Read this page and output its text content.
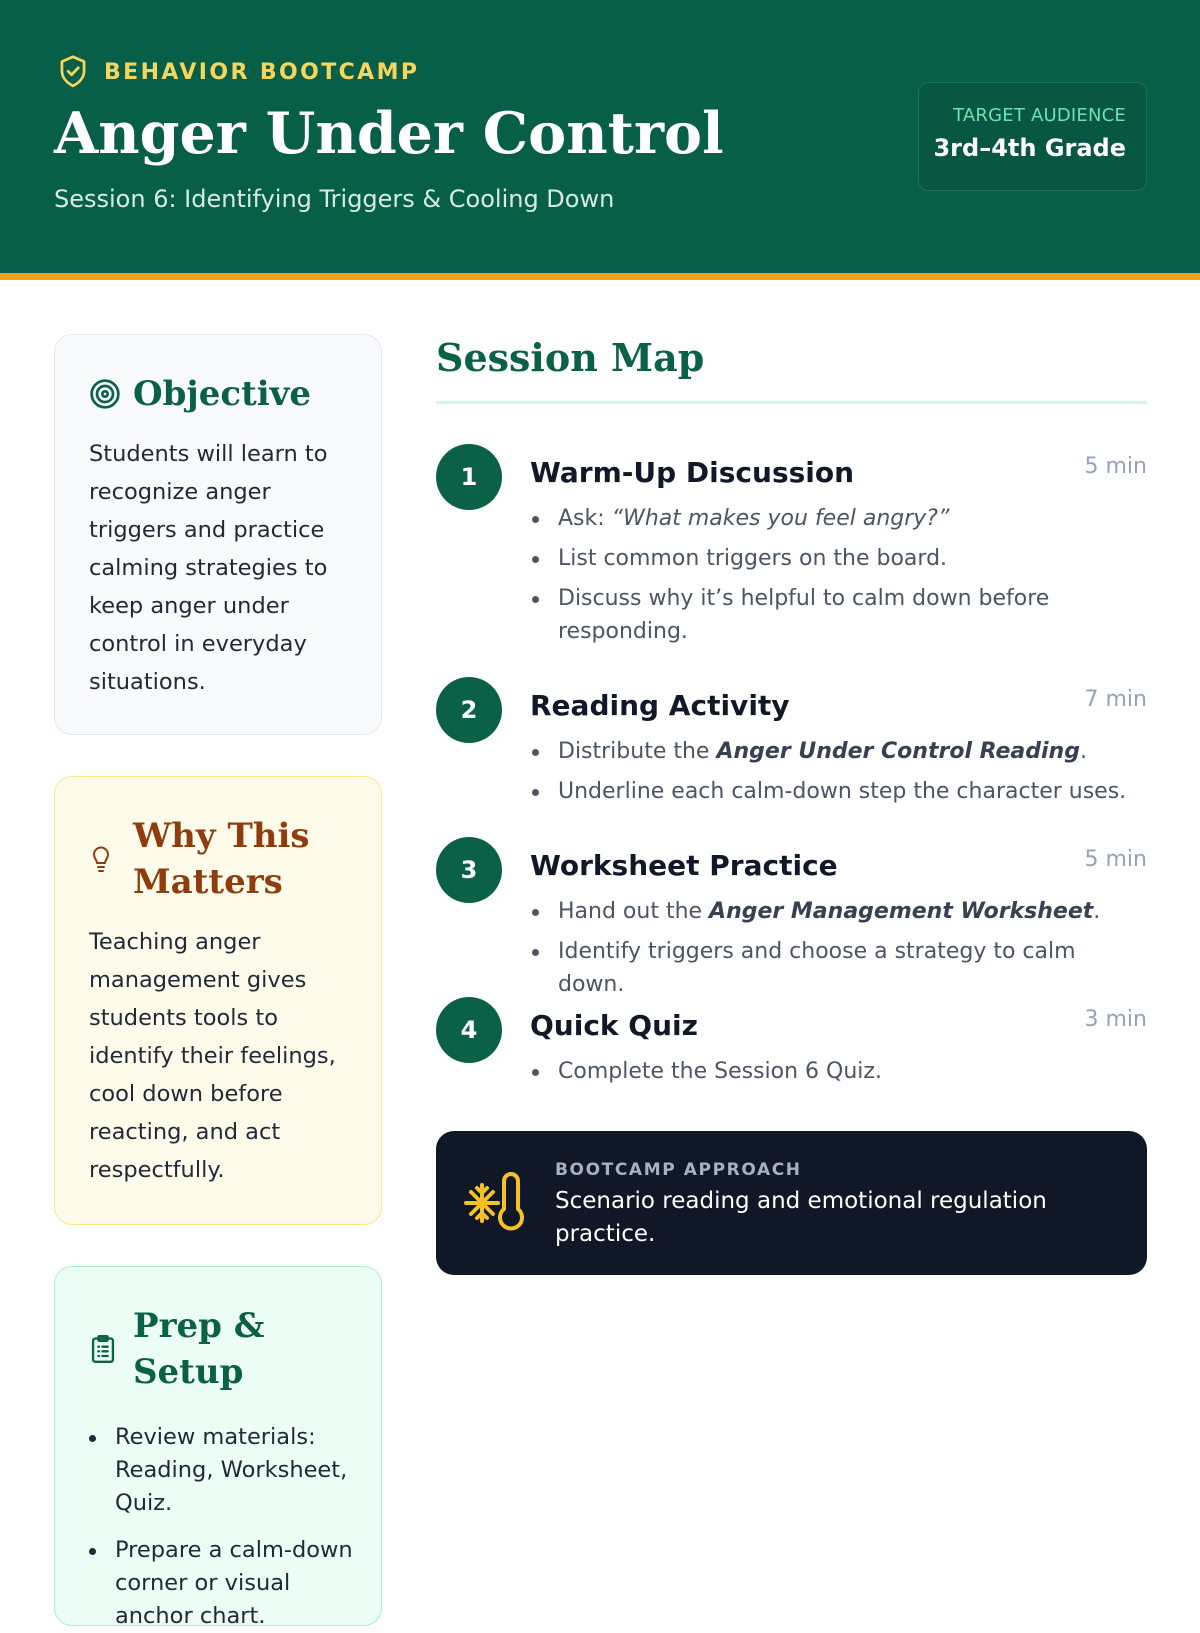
BEHAVIOR BOOTCAMP
Anger Under Control
Session 6: Identifying Triggers & Cooling Down
TARGET AUDIENCE
3rd–4th Grade
Objective

Students will learn to recognize anger triggers and practice calming strategies to keep anger under control in everyday situations.

Why This Matters

Teaching anger management gives students tools to identify their feelings, cool down before reacting, and act respectfully.

Prep & Setup
Review materials: Reading, Worksheet, Quiz.
Prepare a calm-down corner or visual anchor chart.
Session Map
1	Warm-Up Discussion	5 min
Ask: “What makes you feel angry?”
List common triggers on the board.
Discuss why it’s helpful to calm down before responding.
2	Reading Activity	7 min
Distribute the Anger Under Control Reading.
Underline each calm-down step the character uses.
3	Worksheet Practice	5 min
Hand out the Anger Management Worksheet.
Identify triggers and choose a strategy to calm down.
4	Quick Quiz	3 min
Complete the Session 6 Quiz.
BOOTCAMP APPROACH
Scenario reading and emotional regulation practice.
